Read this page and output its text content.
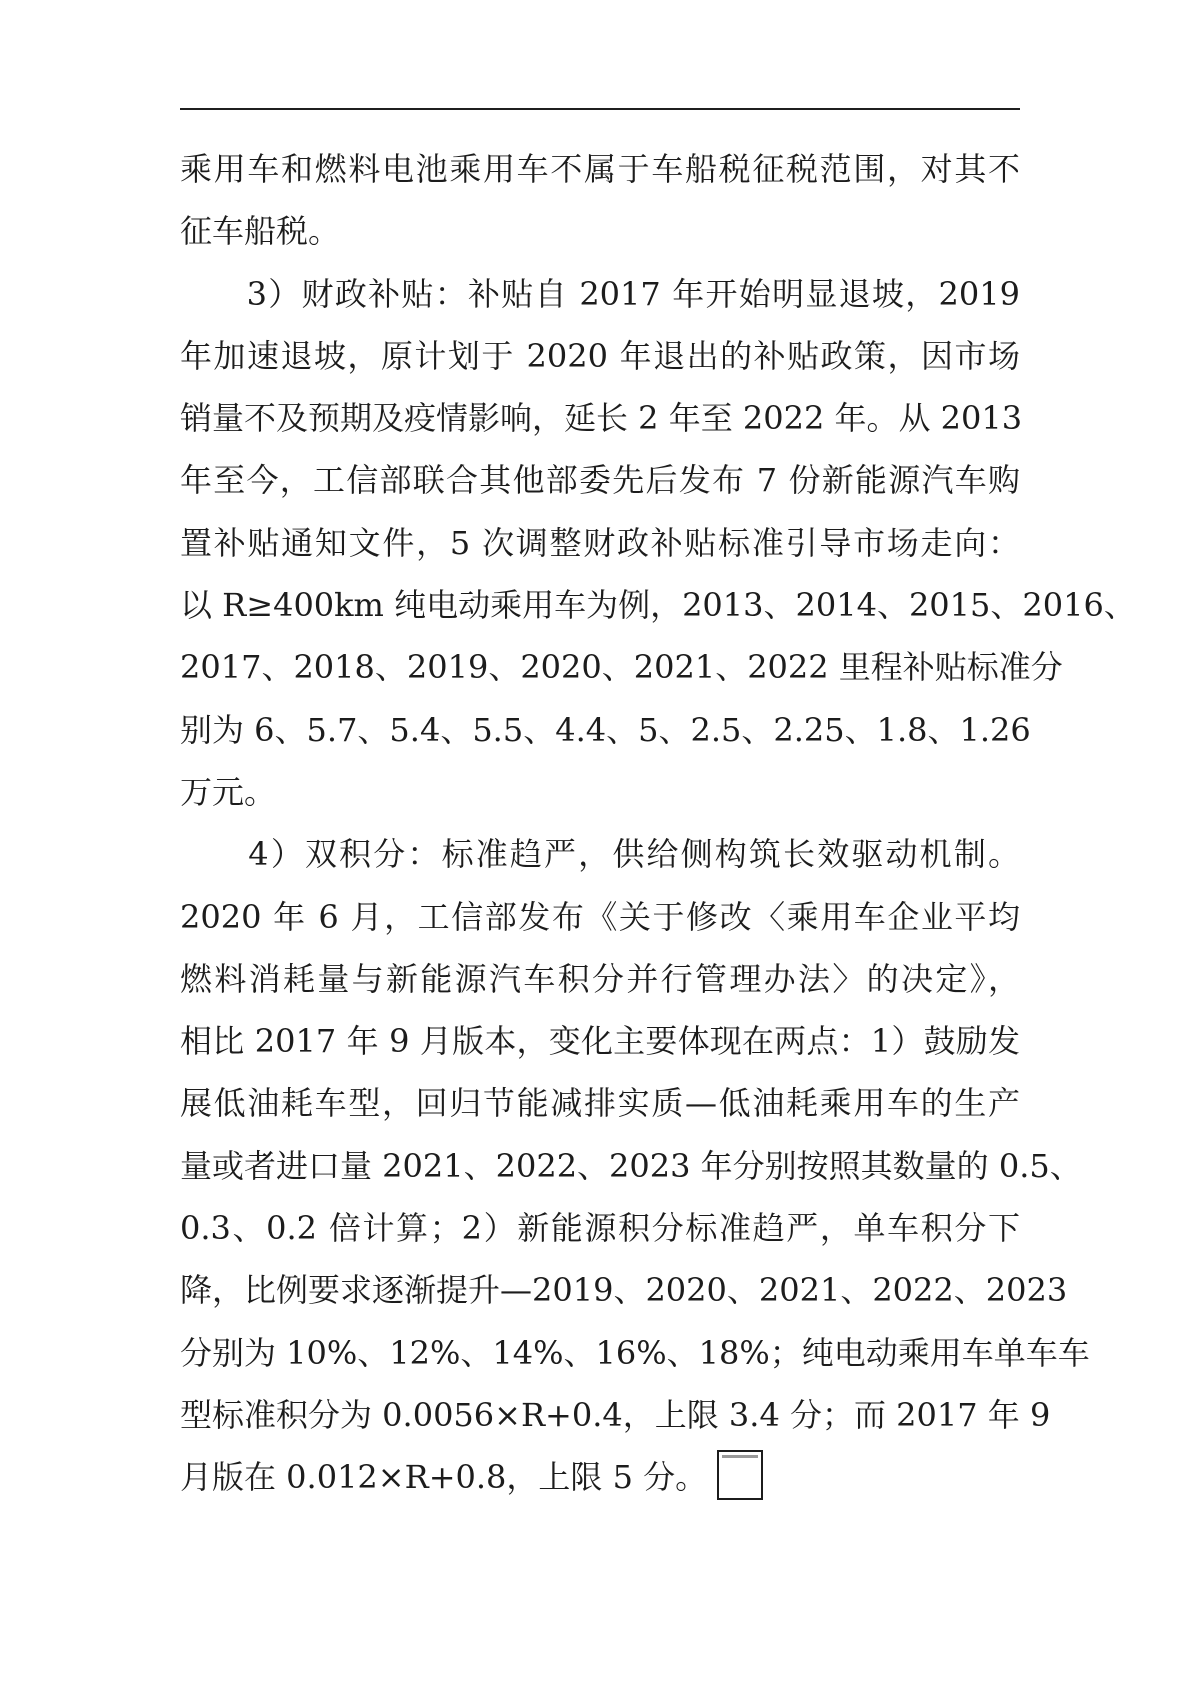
乘用车和燃料电池乘用车不属于车船税征税范围，对其不
征车船税。
　　3）财政补贴：补贴自 2017 年开始明显退坡，2019
年加速退坡，原计划于 2020 年退出的补贴政策，因市场
销量不及预期及疫情影响，延长 2 年至 2022 年。从 2013
年至今，工信部联合其他部委先后发布 7 份新能源汽车购
置补贴通知文件，5 次调整财政补贴标准引导市场走向：
以 R≥400km 纯电动乘用车为例，2013、2014、2015、2016、
2017、2018、2019、2020、2021、2022 里程补贴标准分
别为 6、5.7、5.4、5.5、4.4、5、2.5、2.25、1.8、1.26
万元。
　　4）双积分：标准趋严，供给侧构筑长效驱动机制。
2020 年 6 月，工信部发布《关于修改〈乘用车企业平均
燃料消耗量与新能源汽车积分并行管理办法〉的决定》，
相比 2017 年 9 月版本，变化主要体现在两点：1）鼓励发
展低油耗车型，回归节能减排实质—低油耗乘用车的生产
量或者进口量 2021、2022、2023 年分别按照其数量的 0.5、
0.3、0.2 倍计算；2）新能源积分标准趋严，单车积分下
降，比例要求逐渐提升—2019、2020、2021、2022、2023
分别为 10%、12%、14%、16%、18%；纯电动乘用车单车车
型标准积分为 0.0056×R+0.4，上限 3.4 分；而 2017 年 9
月版在 0.012×R+0.8，上限 5 分。
